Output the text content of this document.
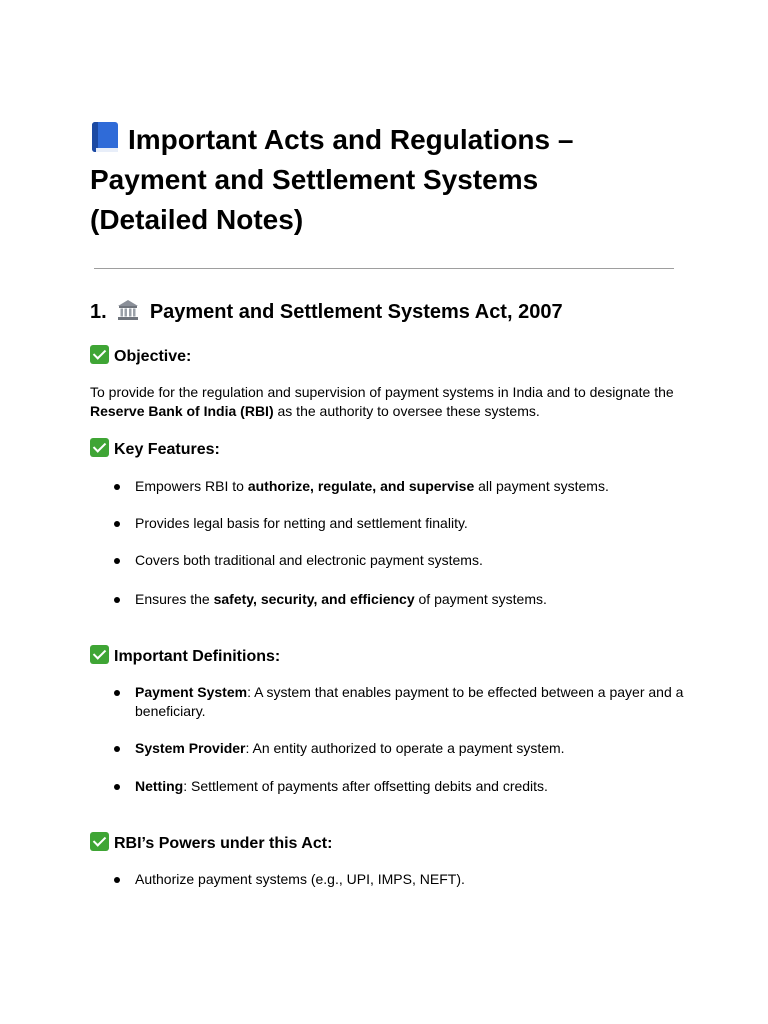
Important Acts and Regulations –
Payment and Settlement Systems
(Detailed Notes)
1. Payment and Settlement Systems Act, 2007
Objective:

To provide for the regulation and supervision of payment systems in India and to designate the
Reserve Bank of India (RBI) as the authority to oversee these systems.

Key Features:
Empowers RBI to authorize, regulate, and supervise all payment systems.
Provides legal basis for netting and settlement finality.
Covers both traditional and electronic payment systems.
Ensures the safety, security, and efficiency of payment systems.
Important Definitions:
Payment System: A system that enables payment to be effected between a payer and a beneficiary.
System Provider: An entity authorized to operate a payment system.
Netting: Settlement of payments after offsetting debits and credits.
RBI’s Powers under this Act:
Authorize payment systems (e.g., UPI, IMPS, NEFT).
